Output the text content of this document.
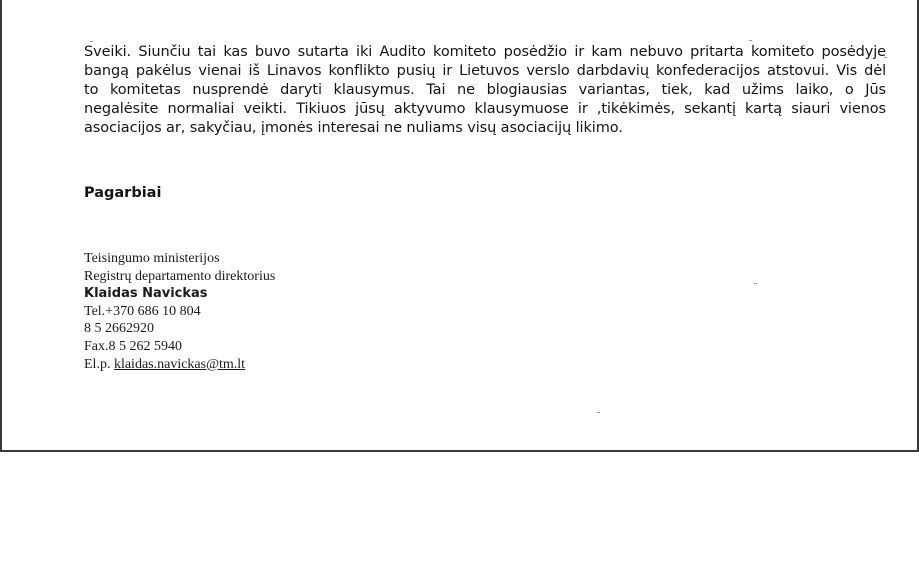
Sveiki. Siunčiu tai kas buvo sutarta iki Audito komiteto posėdžio ir kam nebuvo pritarta komiteto posėdyje
bangą pakėlus vienai iš Linavos konflikto pusių ir Lietuvos verslo darbdavių konfederacijos atstovui. Vis dėl
to komitetas nusprendė daryti klausymus. Tai ne blogiausias variantas, tiek, kad užims laiko, o Jūs
negalėsite normaliai veikti. Tikiuos jūsų aktyvumo klausymuose ir ,tikėkimės, sekantį kartą siauri vienos
asociacijos ar, sakyčiau, įmonės interesai ne nuliams visų asociacijų likimo.

Pagarbiai

Teisingumo ministerijos
Registrų departamento direktorius
Klaidas Navickas
Tel.+370 686 10 804
8 5 2662920
Fax.8 5 262 5940
El.p. klaidas.navickas@tm.lt
